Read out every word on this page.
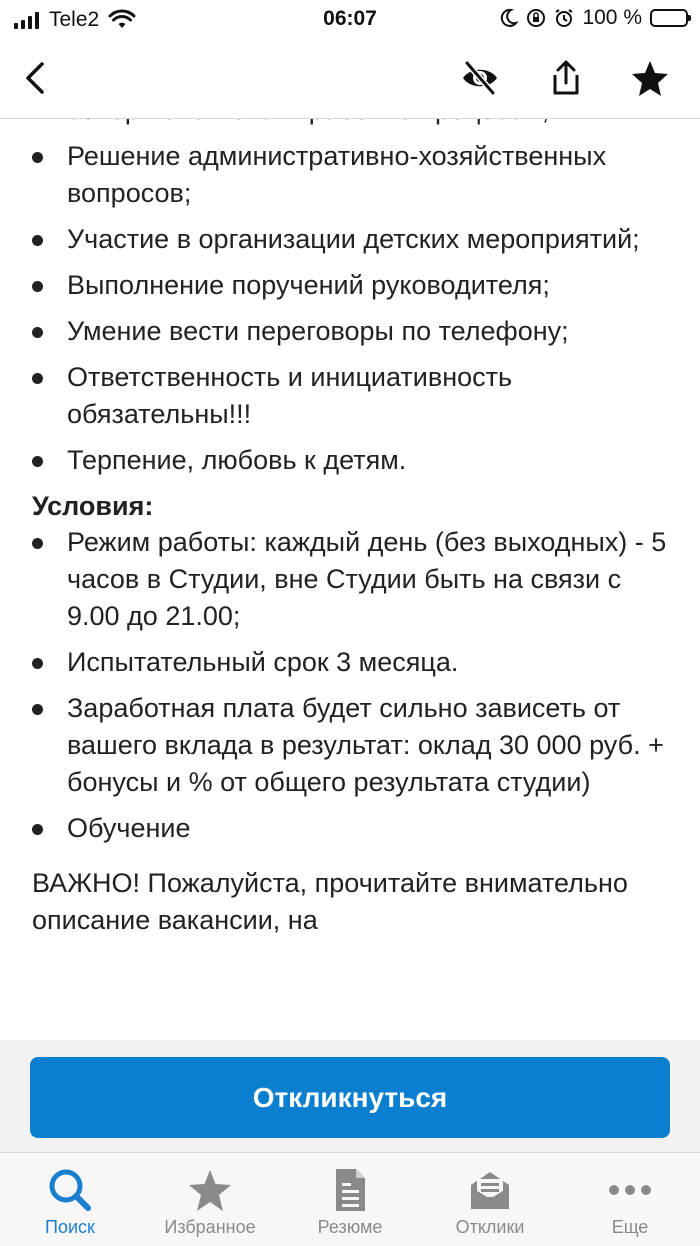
Tele2	06:07	100 %
Решение административно-хозяйственных вопросов;
Участие в организации детских мероприятий;
Выполнение поручений руководителя;
Умение вести переговоры по телефону;
Ответственность и инициативность обязательны!!!
Терпение, любовь к детям.
Условия:
Режим работы: каждый день (без выходных) - 5 часов в Студии, вне Студии быть на связи с 9.00 до 21.00;
Испытательный срок 3 месяца.
Заработная плата будет сильно зависеть от вашего вклада в результат: оклад 30 000 руб. + бонусы и % от общего результата студии)
Обучение

ВАЖНО! Пожалуйста, прочитайте внимательно описание вакансии, на

Откликнуться
Поиск	Избранное	Резюме	Отклики	Еще
